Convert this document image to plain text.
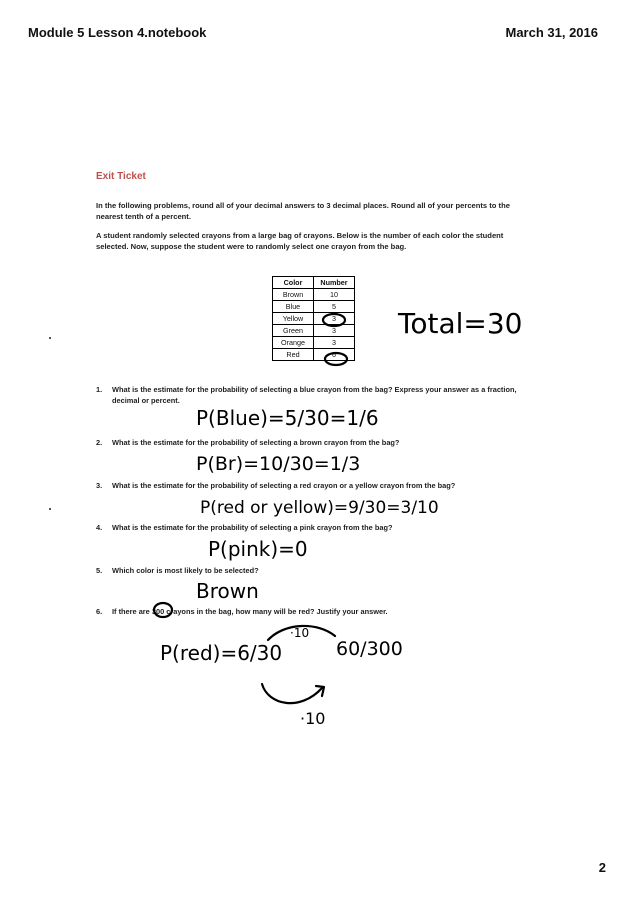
Module 5 Lesson 4.notebook	March 31, 2016
Exit Ticket
In the following problems, round all of your decimal answers to 3 decimal places. Round all of your percents to the nearest tenth of a percent.
A student randomly selected crayons from a large bag of crayons. Below is the number of each color the student selected. Now, suppose the student were to randomly select one crayon from the bag.
Color	Number
Brown	10
Blue	5
Yellow	3
Green	3
Orange	3
Red	6
1. What is the estimate for the probability of selecting a blue crayon from the bag? Express your answer as a fraction, decimal or percent.
2. What is the estimate for the probability of selecting a brown crayon from the bag?
3. What is the estimate for the probability of selecting a red crayon or a yellow crayon from the bag?
4. What is the estimate for the probability of selecting a pink crayon from the bag?
5. Which color is most likely to be selected?
6. If there are 300 crayons in the bag, how many will be red? Justify your answer.
Total=30
P(Blue)=5/30=1/6
P(Br)=10/30=1/3
P(red or yellow)=9/30=3/10
P(pink)=0
Brown
P(red)=6/30
·10
60/300
·10
2
